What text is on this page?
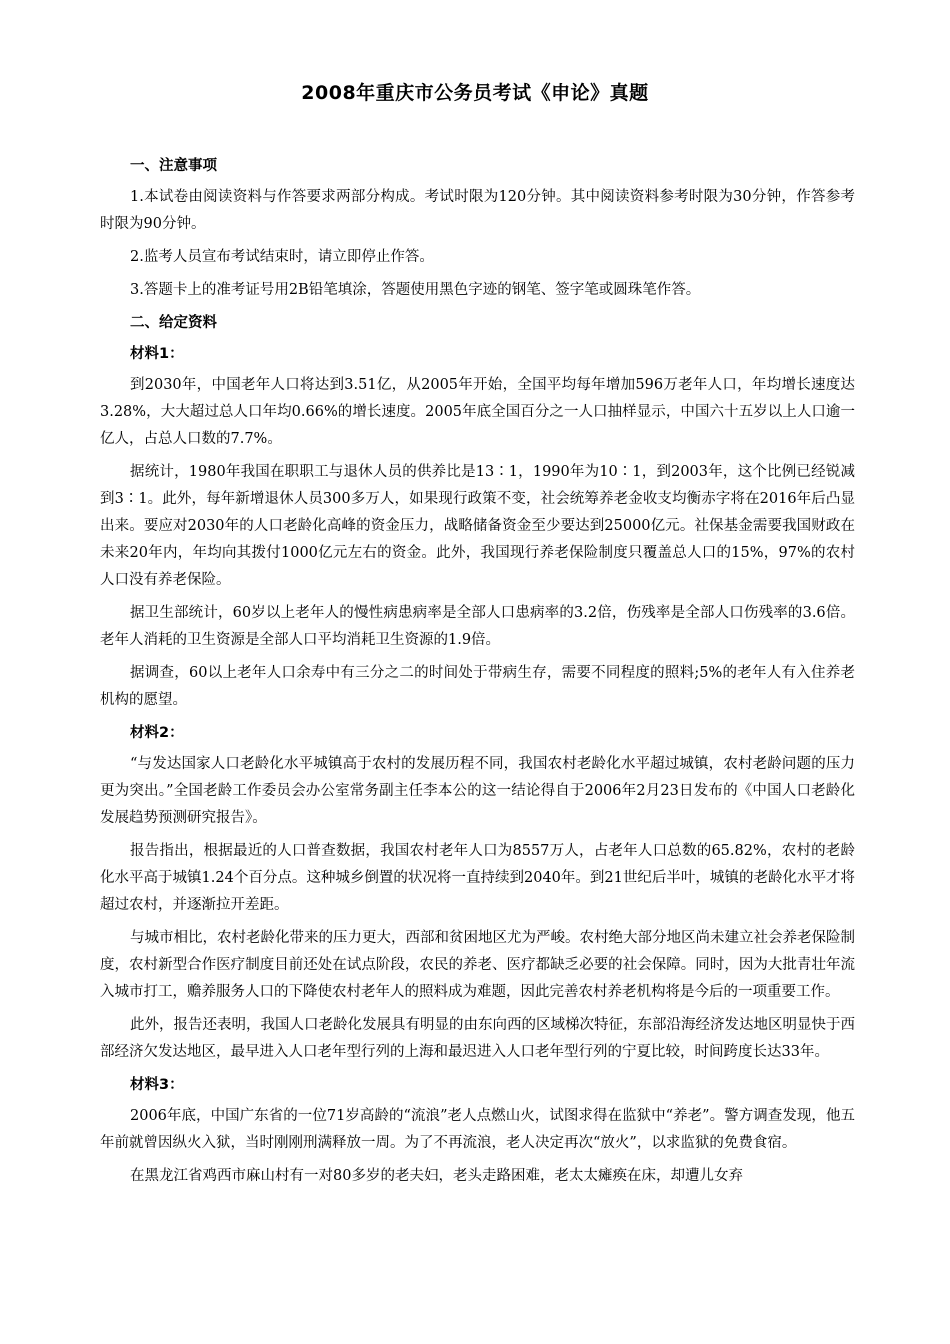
2008年重庆市公务员考试《申论》真题
一、注意事项

1.本试卷由阅读资料与作答要求两部分构成。考试时限为120分钟。其中阅读资料参考时限为30分钟，作答参考时限为90分钟。

2.监考人员宣布考试结束时，请立即停止作答。

3.答题卡上的准考证号用2B铅笔填涂，答题使用黑色字迹的钢笔、签字笔或圆珠笔作答。

二、给定资料
材料1：

到2030年，中国老年人口将达到3.51亿，从2005年开始，全国平均每年增加596万老年人口，年均增长速度达3.28%，大大超过总人口年均0.66%的增长速度。2005年底全国百分之一人口抽样显示，中国六十五岁以上人口逾一亿人，占总人口数的7.7%。

据统计，1980年我国在职职工与退休人员的供养比是13∶1，1990年为10∶1，到2003年，这个比例已经锐减到3∶1。此外，每年新增退休人员300多万人，如果现行政策不变，社会统筹养老金收支均衡赤字将在2016年后凸显出来。要应对2030年的人口老龄化高峰的资金压力，战略储备资金至少要达到25000亿元。社保基金需要我国财政在未来20年内，年均向其拨付1000亿元左右的资金。此外，我国现行养老保险制度只覆盖总人口的15%，97%的农村人口没有养老保险。

据卫生部统计，60岁以上老年人的慢性病患病率是全部人口患病率的3.2倍，伤残率是全部人口伤残率的3.6倍。老年人消耗的卫生资源是全部人口平均消耗卫生资源的1.9倍。

据调查，60以上老年人口余寿中有三分之二的时间处于带病生存，需要不同程度的照料;5%的老年人有入住养老机构的愿望。

材料2：

“与发达国家人口老龄化水平城镇高于农村的发展历程不同，我国农村老龄化水平超过城镇，农村老龄问题的压力更为突出。”全国老龄工作委员会办公室常务副主任李本公的这一结论得自于2006年2月23日发布的《中国人口老龄化发展趋势预测研究报告》。

报告指出，根据最近的人口普查数据，我国农村老年人口为8557万人，占老年人口总数的65.82%，农村的老龄化水平高于城镇1.24个百分点。这种城乡倒置的状况将一直持续到2040年。到21世纪后半叶，城镇的老龄化水平才将超过农村，并逐渐拉开差距。

与城市相比，农村老龄化带来的压力更大，西部和贫困地区尤为严峻。农村绝大部分地区尚未建立社会养老保险制度，农村新型合作医疗制度目前还处在试点阶段，农民的养老、医疗都缺乏必要的社会保障。同时，因为大批青壮年流入城市打工，赡养服务人口的下降使农村老年人的照料成为难题，因此完善农村养老机构将是今后的一项重要工作。

此外，报告还表明，我国人口老龄化发展具有明显的由东向西的区域梯次特征，东部沿海经济发达地区明显快于西部经济欠发达地区，最早进入人口老年型行列的上海和最迟进入人口老年型行列的宁夏比较，时间跨度长达33年。

材料3：

2006年底，中国广东省的一位71岁高龄的“流浪”老人点燃山火，试图求得在监狱中“养老”。警方调查发现，他五年前就曾因纵火入狱，当时刚刚刑满释放一周。为了不再流浪，老人决定再次“放火”，以求监狱的免费食宿。

在黑龙江省鸡西市麻山村有一对80多岁的老夫妇，老头走路困难，老太太瘫痪在床，却遭儿女弃
